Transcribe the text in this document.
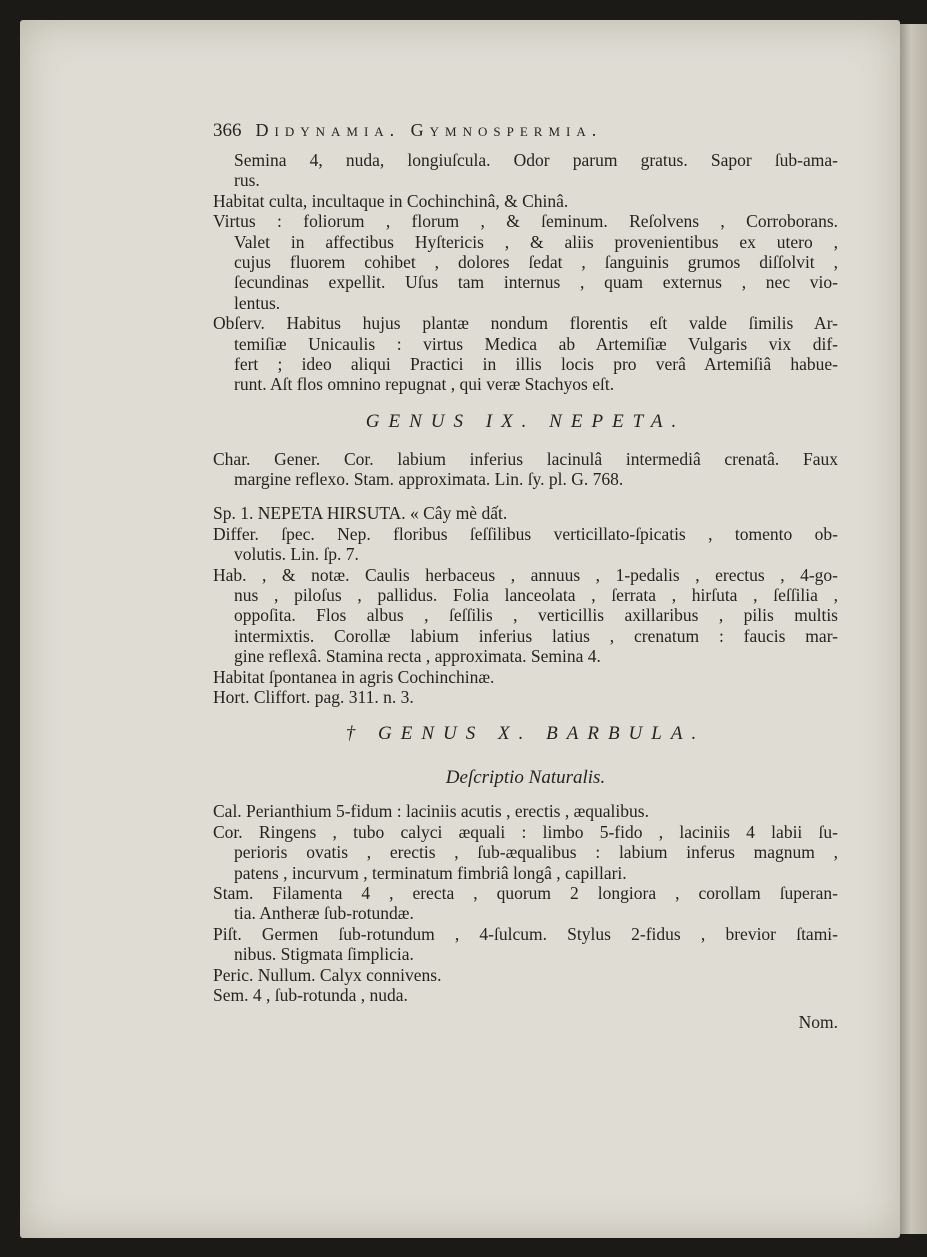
366 Didynamia. Gymnospermia.
Semina 4, nuda, longiuſcula. Odor parum gratus. Sapor ſub-ama-
rus.
Habitat culta, incultaque in Cochinchinâ, & Chinâ.
Virtus : foliorum , florum , & ſeminum. Reſolvens , Corroborans.
Valet in affectibus Hyſtericis , & aliis provenientibus ex utero ,
cujus fluorem cohibet , dolores ſedat , ſanguinis grumos diſſolvit ,
ſecundinas expellit. Uſus tam internus , quam externus , nec vio-
lentus.
Obſerv. Habitus hujus plantæ nondum florentis eſt valde ſimilis Ar-
temiſiæ Unicaulis : virtus Medica ab Artemiſiæ Vulgaris vix dif-
fert ; ideo aliqui Practici in illis locis pro verâ Artemiſiâ habue-
runt. Aſt flos omnino repugnat , qui veræ Stachyos eſt.
GENUS IX. NEPETA.
Char. Gener. Cor. labium inferius lacinulâ intermediâ crenatâ. Faux
margine reflexo. Stam. approximata. Lin. ſy. pl. G. 768.
Sp. 1. NEPETA HIRSUTA. « Cây mè dất.
Differ. ſpec. Nep. floribus ſeſſilibus verticillato-ſpicatis , tomento ob-
volutis. Lin. ſp. 7.
Hab. , & notæ. Caulis herbaceus , annuus , 1-pedalis , erectus , 4-go-
nus , piloſus , pallidus. Folia lanceolata , ſerrata , hirſuta , ſeſſilia ,
oppoſita. Flos albus , ſeſſilis , verticillis axillaribus , pilis multis
intermixtis. Corollæ labium inferius latius , crenatum : faucis mar-
gine reflexâ. Stamina recta , approximata. Semina 4.
Habitat ſpontanea in agris Cochinchinæ.
Hort. Cliffort. pag. 311. n. 3.
† GENUS X. BARBULA.
Deſcriptio Naturalis.
Cal. Perianthium 5-fidum : laciniis acutis , erectis , æqualibus.
Cor. Ringens , tubo calyci æquali : limbo 5-fido , laciniis 4 labii ſu-
perioris ovatis , erectis , ſub-æqualibus : labium inferus magnum ,
patens , incurvum , terminatum fimbriâ longâ , capillari.
Stam. Filamenta 4 , erecta , quorum 2 longiora , corollam ſuperan-
tia. Antheræ ſub-rotundæ.
Piſt. Germen ſub-rotundum , 4-ſulcum. Stylus 2-fidus , brevior ſtami-
nibus. Stigmata ſimplicia.
Peric. Nullum. Calyx connivens.
Sem. 4 , ſub-rotunda , nuda.
Nom.
